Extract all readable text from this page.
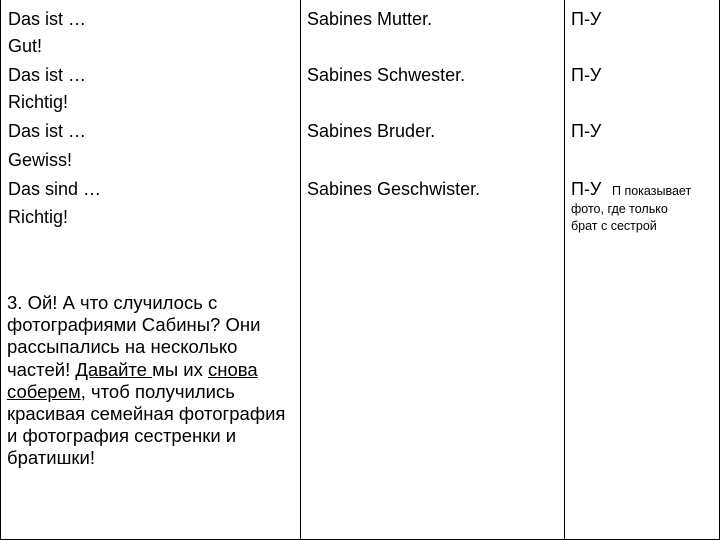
Das ist …
Gut!
Das ist …
Richtig!
Das ist …
Gewiss!
Das sind …
Richtig!
3. Ой! А что случилось с фотографиями Сабины? Они рассыпались на несколько частей! Давайте мы их снова соберем, чтоб получились красивая семейная фотография и фотография сестренки и братишки!
Sabines Mutter.
Sabines Schwester.
Sabines Bruder.
Sabines Geschwister.
П-У
П-У
П-У
П-У П показывает
фото, где только
брат с сестрой
